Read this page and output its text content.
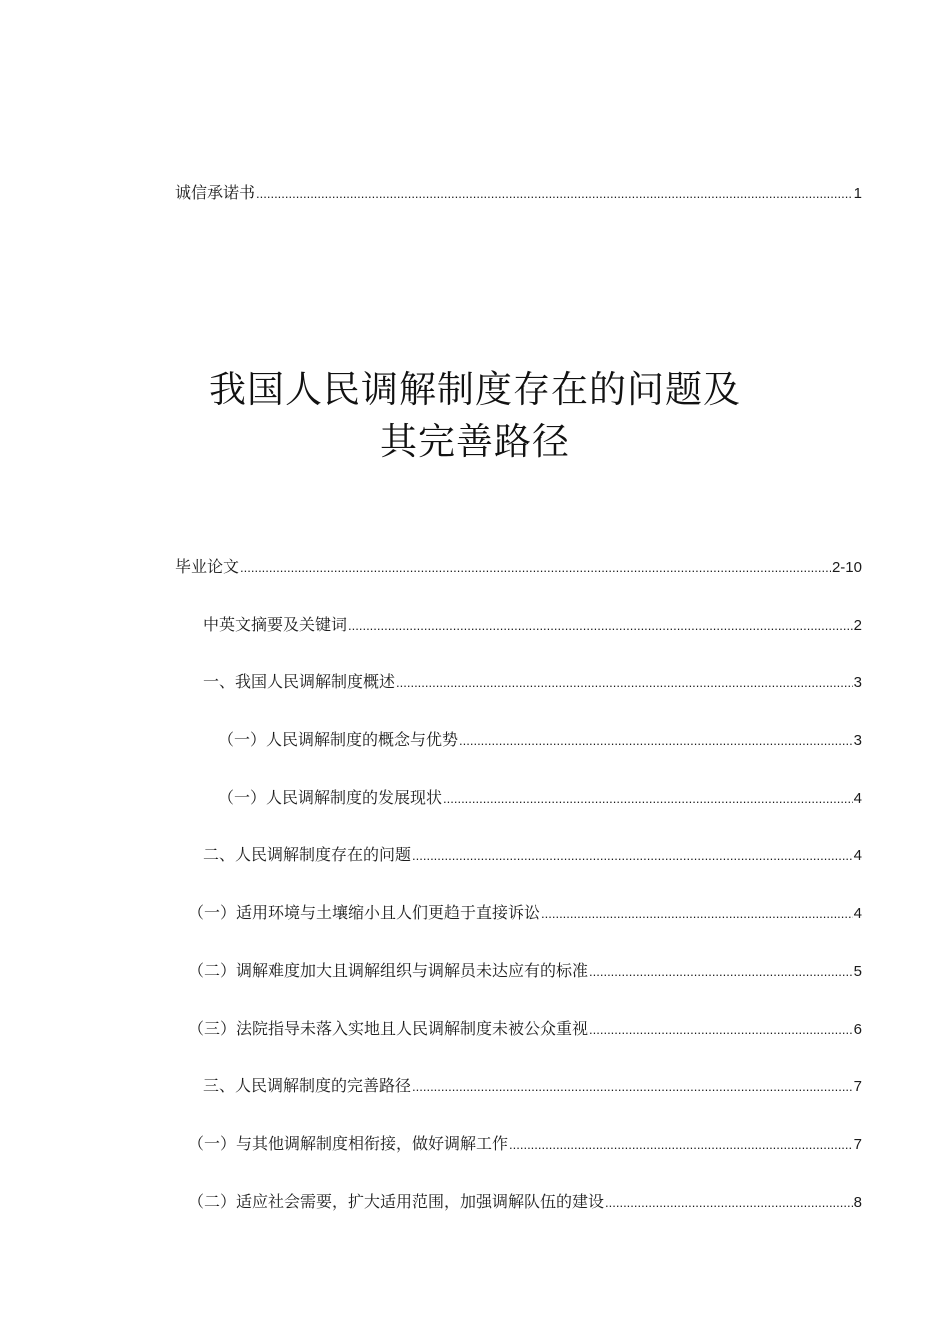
诚信承诺书 .....	1
我国人民调解制度存在的问题及
其完善路径
毕业论文 .....	2-10
中英文摘要及关键词 .....	2
一、我国人民调解制度概述 .....	3
（一）人民调解制度的概念与优势 .....	3
（一）人民调解制度的发展现状 .....	4
二、人民调解制度存在的问题 .....	4
（一）适用环境与土壤缩小且人们更趋于直接诉讼 .....	4
（二）调解难度加大且调解组织与调解员未达应有的标准 .....	5
（三）法院指导未落入实地且人民调解制度未被公众重视 .....	6
三、人民调解制度的完善路径 .....	7
（一）与其他调解制度相衔接，做好调解工作 .....	7
（二）适应社会需要，扩大适用范围，加强调解队伍的建设 .....	8
